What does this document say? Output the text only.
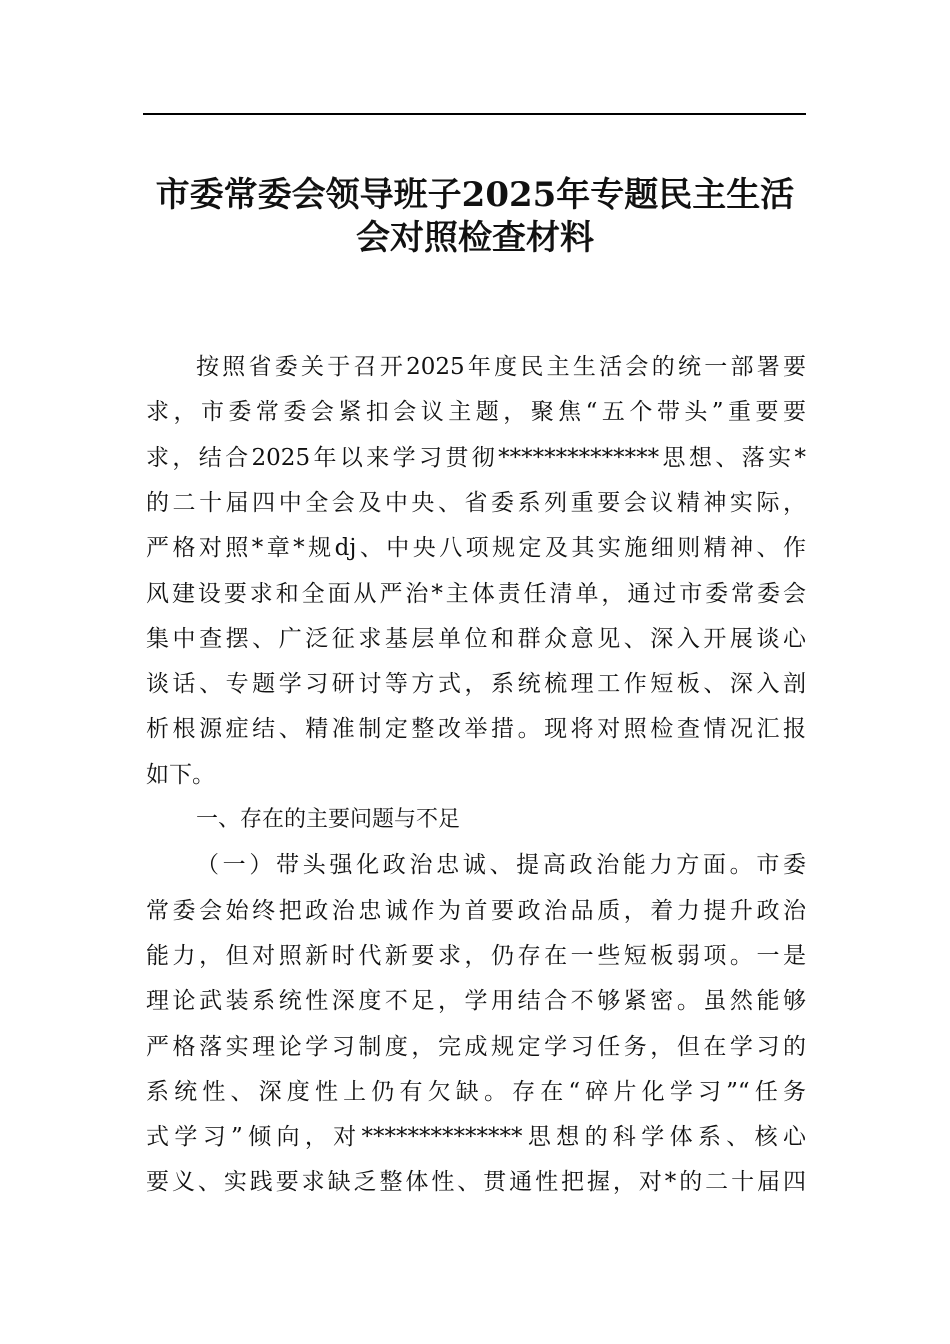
市委常委会领导班子2025年专题民主生活
会对照检查材料
按照省委关于召开2025年度民主生活会的统一部署要
求，市委常委会紧扣会议主题，聚焦“五个带头”重要要
求，结合2025年以来学习贯彻**************思想、落实*
的二十届四中全会及中央、省委系列重要会议精神实际，
严格对照*章*规dj、中央八项规定及其实施细则精神、作
风建设要求和全面从严治*主体责任清单，通过市委常委会
集中查摆、广泛征求基层单位和群众意见、深入开展谈心
谈话、专题学习研讨等方式，系统梳理工作短板、深入剖
析根源症结、精准制定整改举措。现将对照检查情况汇报
如下。
一、存在的主要问题与不足
（一）带头强化政治忠诚、提高政治能力方面。市委
常委会始终把政治忠诚作为首要政治品质，着力提升政治
能力，但对照新时代新要求，仍存在一些短板弱项。一是
理论武装系统性深度不足，学用结合不够紧密。虽然能够
严格落实理论学习制度，完成规定学习任务，但在学习的
系统性、深度性上仍有欠缺。存在“碎片化学习”“任务
式学习”倾向，对**************思想的科学体系、核心
要义、实践要求缺乏整体性、贯通性把握，对*的二十届四
